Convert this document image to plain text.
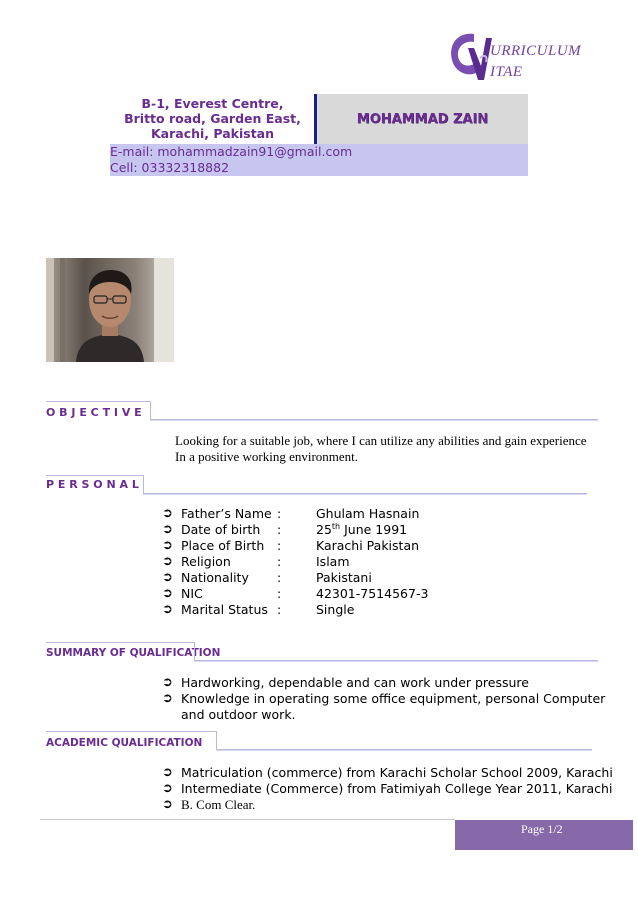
URRICULUM
ITAE
B-1, Everest Centre,
Britto road, Garden East,
Karachi, Pakistan
MOHAMMAD ZAIN
E-mail: mohammadzain91@gmail.com
Cell: 03332318882
O B J E C T I V E
Looking for a suitable job, where I can utilize any abilities and gain experience
In a positive working environment.
P E R S O N A L
➲ Father’s Name :	Ghulam Hasnain
➲ Date of birth :	25th June 1991
➲ Place of Birth :	Karachi Pakistan
➲ Religion	:	Islam
➲ Nationality :	Pakistani
➲ NIC	:	42301-7514567-3
➲ Marital Status :	Single
SUMMARY OF QUALIFICATION
➲ Hardworking, dependable and can work under pressure
➲ Knowledge in operating some office equipment, personal Computer
and outdoor work.
ACADEMIC QUALIFICATION
➲ Matriculation (commerce) from Karachi Scholar School 2009, Karachi
➲ Intermediate (Commerce) from Fatimiyah College Year 2011, Karachi
➲ B. Com Clear.
Page 1/2
